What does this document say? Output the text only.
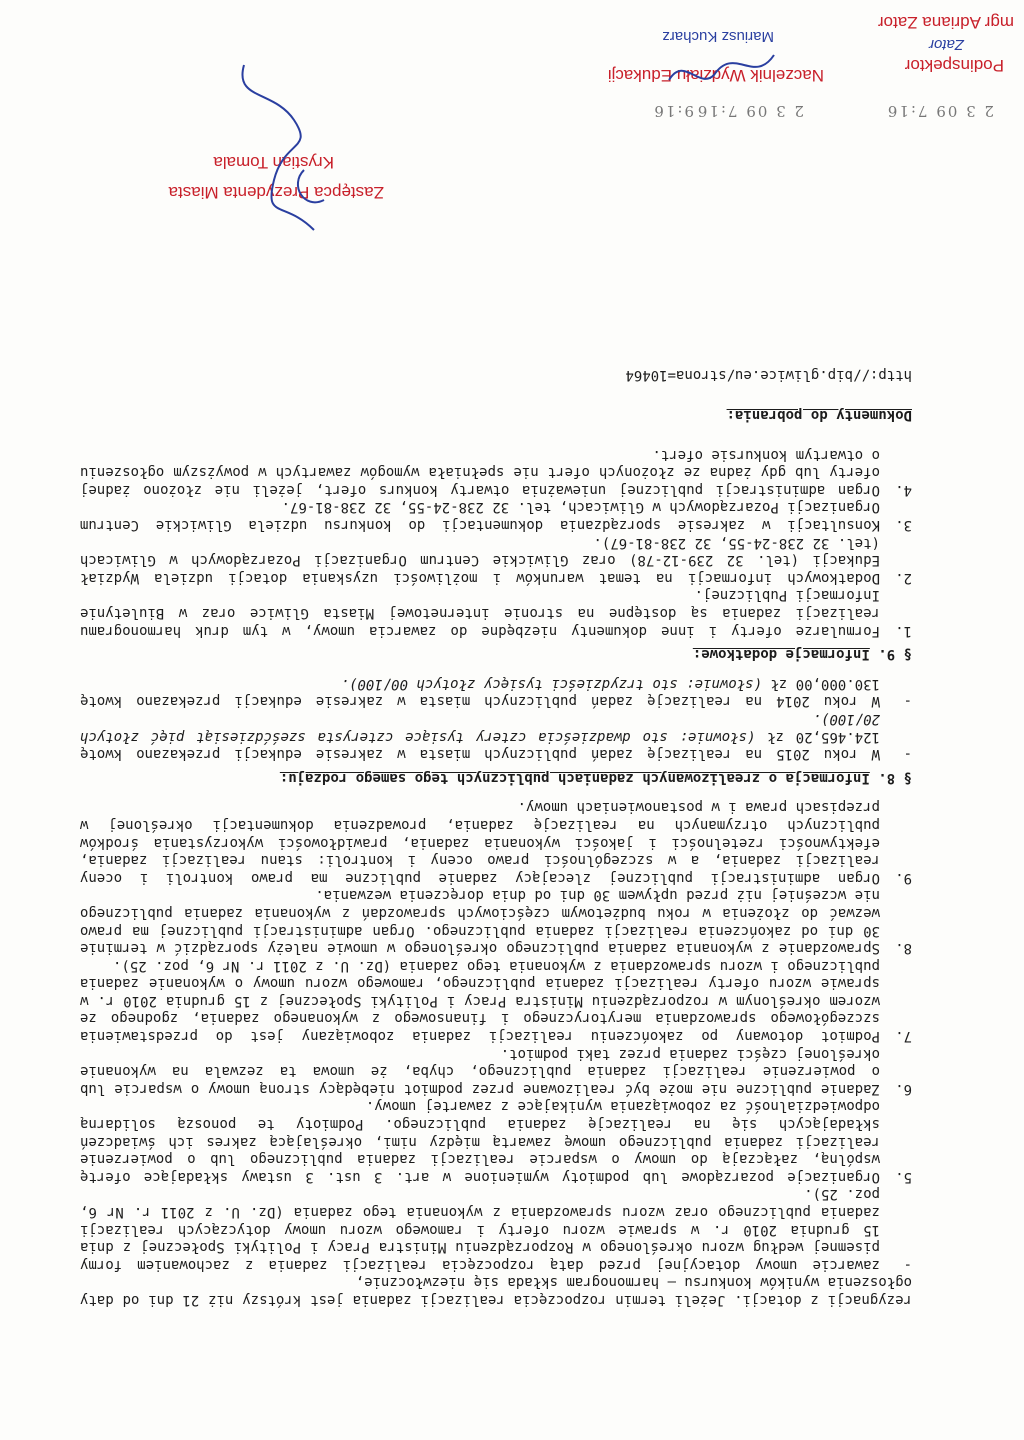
rezygnacji z dotacji. Jeżeli termin rozpoczęcia realizacji zadania jest krótszy niż 21 dni od daty ogłoszenia wyników konkursu – harmonogram składa się niezwłocznie,

-
zawarcie umowy dotacyjnej przed datą rozpoczęcia realizacji zadania z zachowaniem formy pisemnej według wzoru określonego w Rozporządzeniu Ministra Pracy i Polityki Społecznej z dnia 15 grudnia 2010 r. w sprawie wzoru oferty i ramowego wzoru umowy dotyczących realizacji zadania publicznego oraz wzoru sprawozdania z wykonania tego zadania (Dz. U. z 2011 r. Nr 6, poz. 25).
5.
Organizacje pozarządowe lub podmioty wymienione w art. 3 ust. 3 ustawy składające ofertę wspólną, załączają do umowy o wsparcie realizacji zadania publicznego lub o powierzenie realizacji zadania publicznego umowę zawartą między nimi, określającą zakres ich świadczeń składających się na realizację zadania publicznego. Podmioty te ponoszą solidarną odpowiedzialność za zobowiązania wynikające z zawartej umowy.
6.
Zadanie publiczne nie może być realizowane przez podmiot niebędący stroną umowy o wsparcie lub o powierzenie realizacji zadania publicznego, chyba, że umowa ta zezwala na wykonanie określonej części zadania przez taki podmiot.
7.
Podmiot dotowany po zakończeniu realizacji zadania zobowiązany jest do przedstawienia szczegółowego sprawozdania merytorycznego i finansowego z wykonanego zadania, zgodnego ze wzorem określonym w rozporządzeniu Ministra Pracy i Polityki Społecznej z 15 grudnia 2010 r. w sprawie wzoru oferty realizacji zadania publicznego, ramowego wzoru umowy o wykonanie zadania publicznego i wzoru sprawozdania z wykonania tego zadania (Dz. U. z 2011 r. Nr 6, poz. 25).
8.
Sprawozdanie z wykonania zadania publicznego określonego w umowie należy sporządzić w terminie 30 dni od zakończenia realizacji zadania publicznego. Organ administracji publicznej ma prawo wezwać do złożenia w roku budżetowym częściowych sprawozdań z wykonania zadania publicznego nie wcześniej niż przed upływem 30 dni od dnia doręczenia wezwania.
9.
Organ administracji publicznej zlecający zadanie publiczne ma prawo kontroli i oceny realizacji zadania, a w szczególności prawo oceny i kontroli: stanu realizacji zadania, efektywności rzetelności i jakości wykonania zadania, prawidłowości wykorzystania środków publicznych otrzymanych na realizację zadania, prowadzenia dokumentacji określonej w przepisach prawa i w postanowieniach umowy.
§ 8. Informacja o zrealizowanych zadaniach publicznych tego samego rodzaju:
-
W roku 2015 na realizację zadań publicznych miasta w zakresie edukacji przekazano kwotę 124.465,20 zł (słownie: sto dwadzieścia cztery tysiące czterysta sześćdziesiąt pięć złotych 20/100).
-
W roku 2014 na realizację zadań publicznych miasta w zakresie edukacji przekazano kwotę 130.000,00 zł (słownie: sto trzydzieści tysięcy złotych 00/100).
§ 9. Informacje dodatkowe:
1.
Formularze oferty i inne dokumenty niezbędne do zawarcia umowy, w tym druk harmonogramu realizacji zadania są dostępne na stronie internetowej Miasta Gliwice oraz w Biuletynie Informacji Publicznej.
2.
Dodatkowych informacji na temat warunków i możliwości uzyskania dotacji udziela Wydział Edukacji (tel. 32 239-12-78) oraz Gliwickie Centrum Organizacji Pozarządowych w Gliwicach (tel. 32 238-24-55, 32 238-81-67).
3.
Konsultacji w zakresie sporządzania dokumentacji do konkursu udziela Gliwickie Centrum Organizacji Pozarządowych w Gliwicach, tel. 32 238-24-55, 32 238-81-67.
4.
Organ administracji publicznej unieważnia otwarty konkurs ofert, jeżeli nie złożono żadnej oferty lub gdy żadna ze złożonych ofert nie spełniała wymogów zawartych w powyższym ogłoszeniu o otwartym konkursie ofert.
Dokumenty do pobrania:
http://bip.gliwice.eu/strona=10464
Zastępca Prezydenta Miasta
Krystian Tomala
2 3 09 7:16
2 3 09 7:16
9:16
Naczelnik Wydziału Edukacji
Mariusz Kucharz
Podinspektor
Zator
mgr Adriana Zator
